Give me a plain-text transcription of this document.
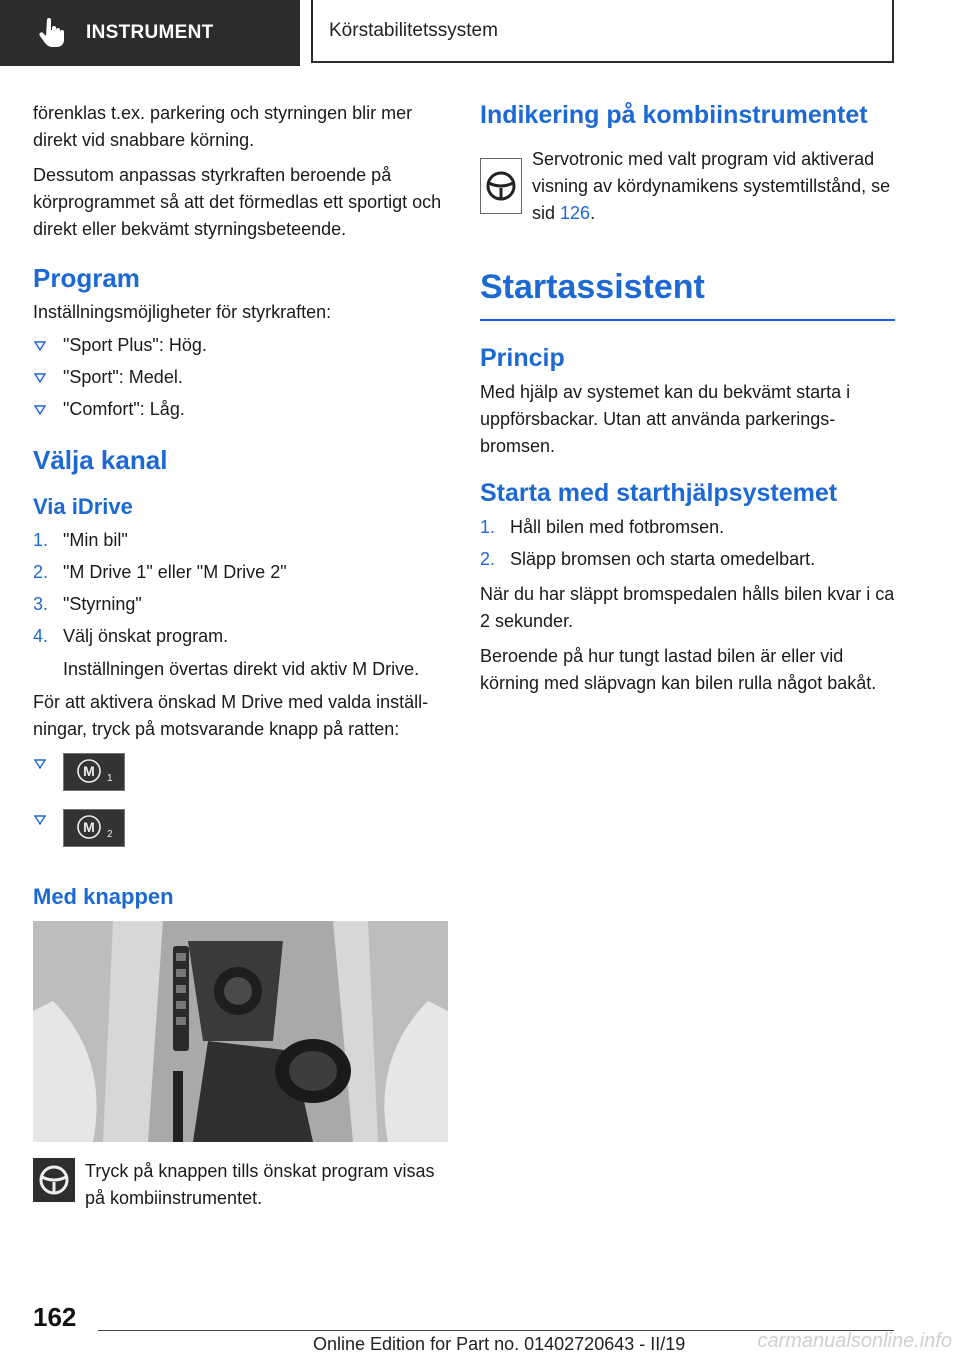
INSTRUMENT	Körstabilitetssystem

förenklas t.ex. parkering och styrningen blir mer direkt vid snabbare körning.

Dessutom anpassas styrkraften beroende på körprogrammet så att det förmedlas ett sportigt och direkt eller bekvämt styrningsbeteende.

Program

Inställningsmöjligheter för styrkraften:

"Sport Plus": Hög.
"Sport": Medel.
"Comfort": Låg.
Välja kanal
Via iDrive
1. "Min bil"
2. "M Drive 1" eller "M Drive 2"
3. "Styrning"
4. Välj önskat program.
Inställningen övertas direkt vid aktiv M Drive.

För att aktivera önskad M Drive med valda inställningar, tryck på motsvarande knapp på ratten:

M 1
M 2
Med knappen

Tryck på knappen tills önskat program visas på kombiinstrumentet.

Indikering på kombiinstrumentet

Servotronic med valt program vid aktiverad visning av kördynamikens systemtillstånd, se sid 126.

Startassistent
Princip

Med hjälp av systemet kan du bekvämt starta i uppförsbackar. Utan att använda parkeringsbromsen.

Starta med starthjälpsystemet
1. Håll bilen med fotbromsen.
2. Släpp bromsen och starta omedelbart.

När du har släppt bromspedalen hålls bilen kvar i ca 2 sekunder.

Beroende på hur tungt lastad bilen är eller vid körning med släpvagn kan bilen rulla något bakåt.

162
Online Edition for Part no. 01402720643 - II/19	carmanualsonline.info
